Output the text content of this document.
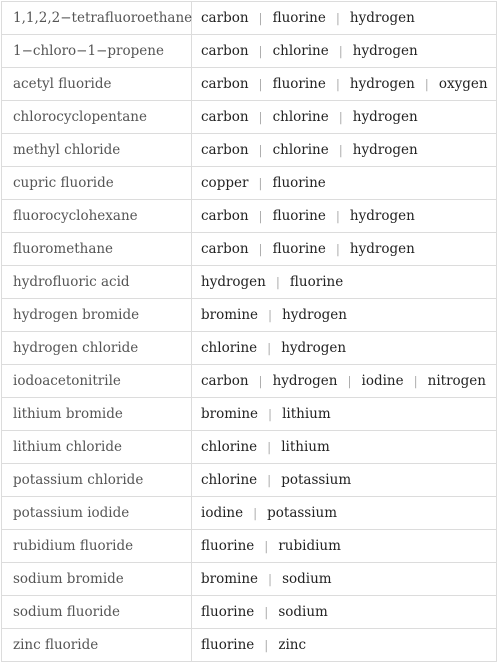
1,1,2,2−tetrafluoroethane carbon | fluorine | hydrogen
1−chloro−1−propene	carbon | chlorine | hydrogen
acetyl fluoride	carbon | fluorine | hydrogen | oxygen
chlorocyclopentane	carbon | chlorine | hydrogen
methyl chloride	carbon | chlorine | hydrogen
cupric fluoride	copper | fluorine
fluorocyclohexane	carbon | fluorine | hydrogen
fluoromethane	carbon | fluorine | hydrogen
hydrofluoric acid	hydrogen | fluorine
hydrogen bromide	bromine | hydrogen
hydrogen chloride	chlorine | hydrogen
iodoacetonitrile	carbon | hydrogen | iodine | nitrogen
lithium bromide	bromine | lithium
lithium chloride	chlorine | lithium
potassium chloride	chlorine | potassium
potassium iodide	iodine | potassium
rubidium fluoride	fluorine | rubidium
sodium bromide	bromine | sodium
sodium fluoride	fluorine | sodium
zinc fluoride	fluorine | zinc
